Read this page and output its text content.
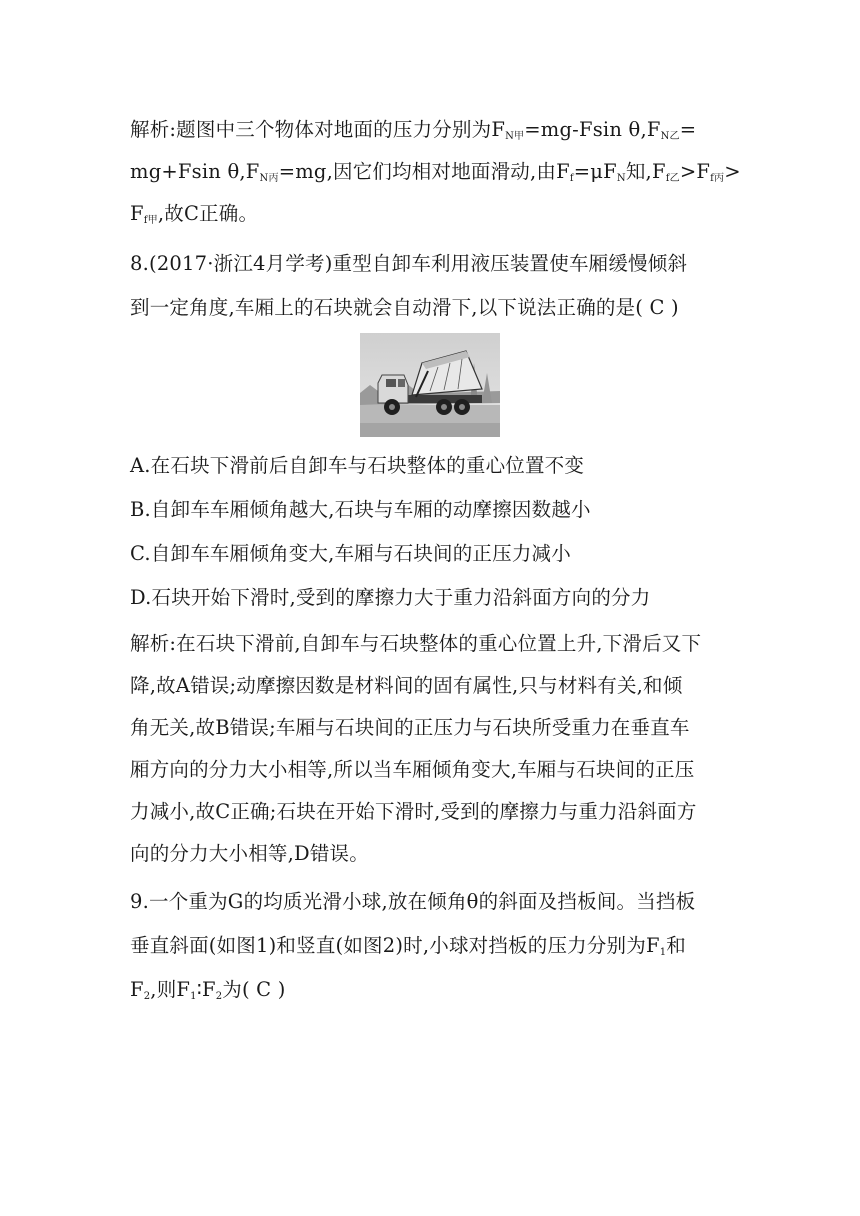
解析:题图中三个物体对地面的压力分别为$F_{N甲}=mg$-Fsin $\theta,F_{N乙}=$
mg+Fsin $\theta,F_{N丙}=mg$,因它们均相对地面滑动,由$F_f=\mu F_N$知$,F_{f乙}>F_{f丙}>$
$F_{f甲}$,故C正确。
8.(2017·浙江4月学考)重型自卸车利用液压装置使车厢缓慢倾斜
到一定角度,车厢上的石块就会自动滑下,以下说法正确的是( C )
A.在石块下滑前后自卸车与石块整体的重心位置不变
B.自卸车车厢倾角越大,石块与车厢的动摩擦因数越小
C.自卸车车厢倾角变大,车厢与石块间的正压力减小
D.石块开始下滑时,受到的摩擦力大于重力沿斜面方向的分力
解析:在石块下滑前,自卸车与石块整体的重心位置上升,下滑后又下
降,故A错误;动摩擦因数是材料间的固有属性,只与材料有关,和倾
角无关,故B错误;车厢与石块间的正压力与石块所受重力在垂直车
厢方向的分力大小相等,所以当车厢倾角变大,车厢与石块间的正压
力减小,故C正确;石块在开始下滑时,受到的摩擦力与重力沿斜面方
向的分力大小相等,D错误。
9.一个重为G的均质光滑小球,放在倾角θ的斜面及挡板间。当挡板
垂直斜面(如图1)和竖直(如图2)时,小球对挡板的压力分别为$F_1$和
$F_2$,则$F_1∶F_2$为( C )
